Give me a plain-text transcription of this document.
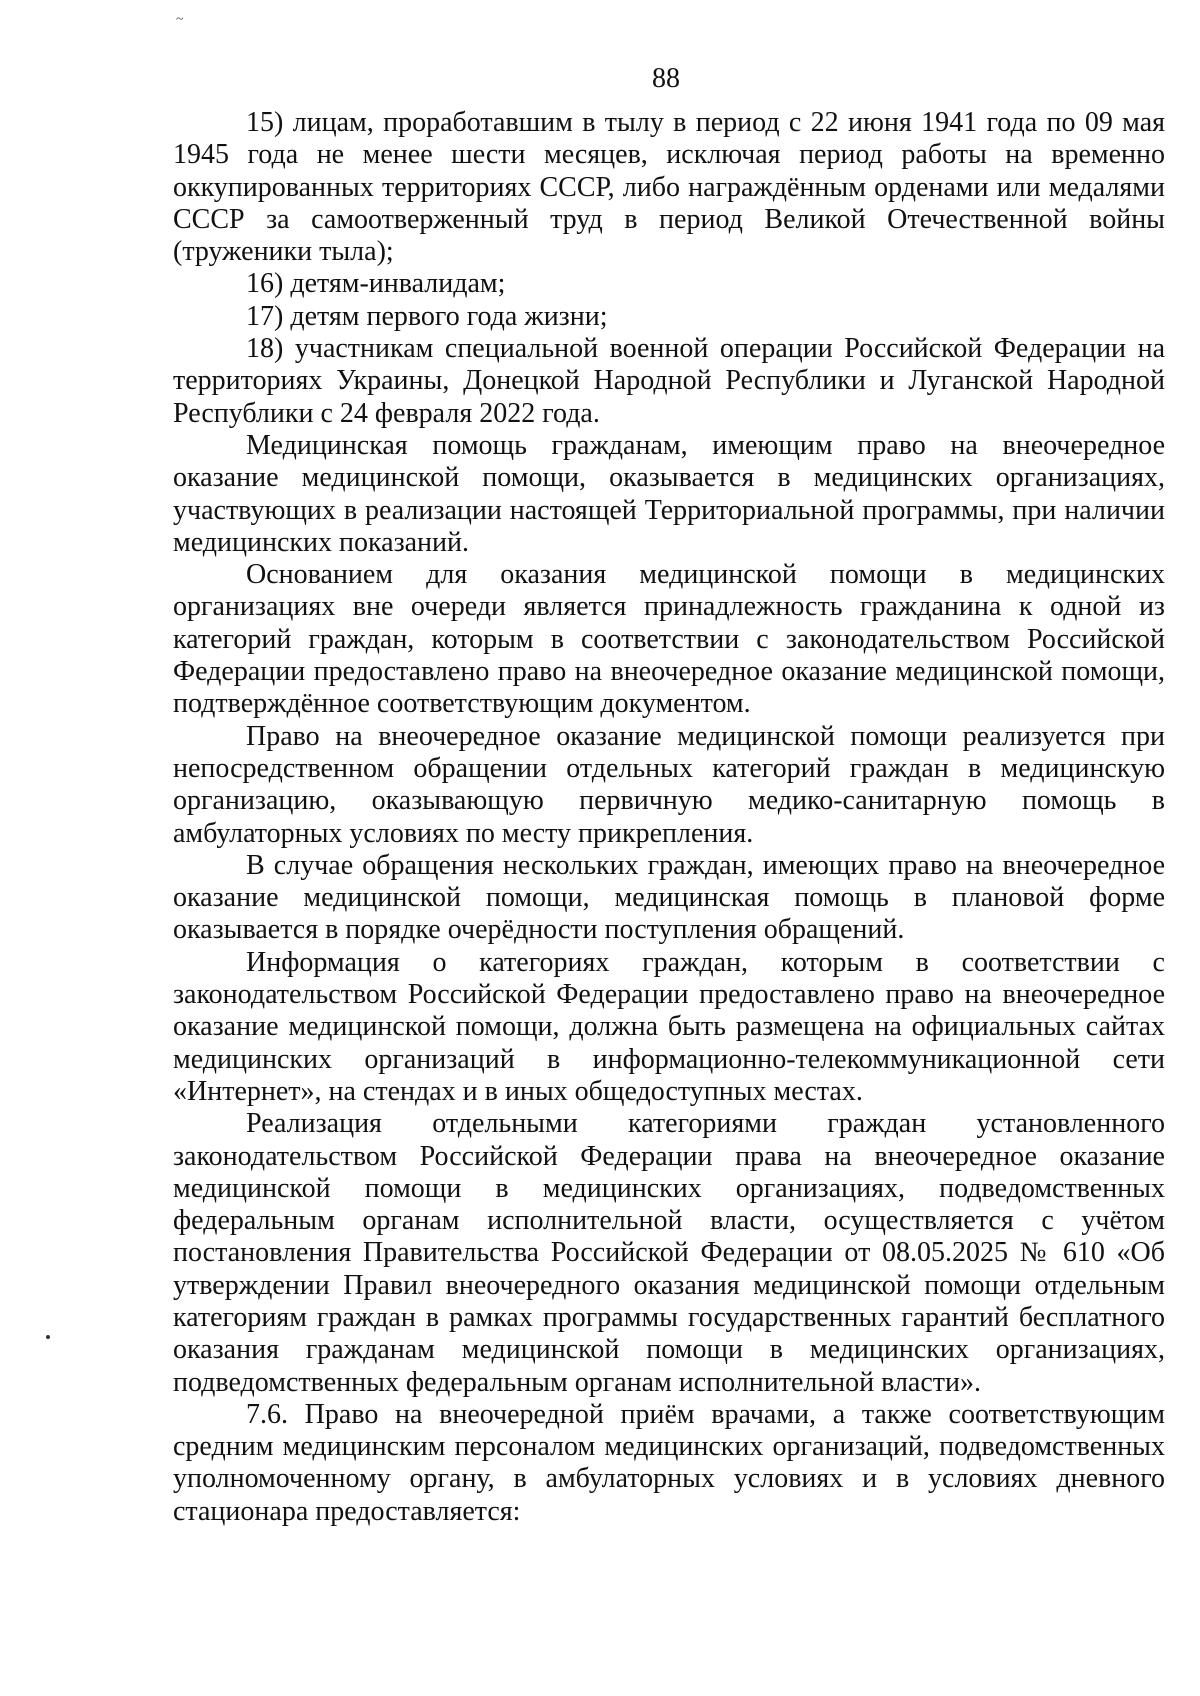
~
88

15) лицам, проработавшим в тылу в период с 22 июня 1941 года по 09 мая 1945 года не менее шести месяцев, исключая период работы на временно оккупированных территориях СССР, либо награждённым орденами или медалями СССР за самоотверженный труд в период Великой Отечественной войны (труженики тыла);

16) детям-инвалидам;

17) детям первого года жизни;

18) участникам специальной военной операции Российской Федерации на территориях Украины, Донецкой Народной Республики и Луганской Народной Республики с 24 февраля 2022 года.

Медицинская помощь гражданам, имеющим право на внеочередное оказание медицинской помощи, оказывается в медицинских организациях, участвующих в реализации настоящей Территориальной программы, при наличии медицинских показаний.

Основанием для оказания медицинской помощи в медицинских организациях вне очереди является принадлежность гражданина к одной из категорий граждан, которым в соответствии с законодательством Российской Федерации предоставлено право на внеочередное оказание медицинской помощи, подтверждённое соответствующим документом.

Право на внеочередное оказание медицинской помощи реализуется при непосредственном обращении отдельных категорий граждан в медицинскую организацию, оказывающую первичную медико-санитарную помощь в амбулаторных условиях по месту прикрепления.

В случае обращения нескольких граждан, имеющих право на внеочередное оказание медицинской помощи, медицинская помощь в плановой форме оказывается в порядке очерёдности поступления обращений.

Информация о категориях граждан, которым в соответствии с законодательством Российской Федерации предоставлено право на внеочередное оказание медицинской помощи, должна быть размещена на официальных сайтах медицинских организаций в информационно-телекоммуникационной сети «Интернет», на стендах и в иных общедоступных местах.

Реализация отдельными категориями граждан установленного законодательством Российской Федерации права на внеочередное оказание медицинской помощи в медицинских организациях, подведомственных федеральным органам исполнительной власти, осуществляется с учётом постановления Правительства Российской Федерации от 08.05.2025 № 610 «Об утверждении Правил внеочередного оказания медицинской помощи отдельным категориям граждан в рамках программы государственных гарантий бесплатного оказания гражданам медицинской помощи в медицинских организациях, подведомственных федеральным органам исполнительной власти».

7.6. Право на внеочередной приём врачами, а также соответствующим средним медицинским персоналом медицинских организаций, подведомственных уполномоченному органу, в амбулаторных условиях и в условиях дневного стационара предоставляется:
